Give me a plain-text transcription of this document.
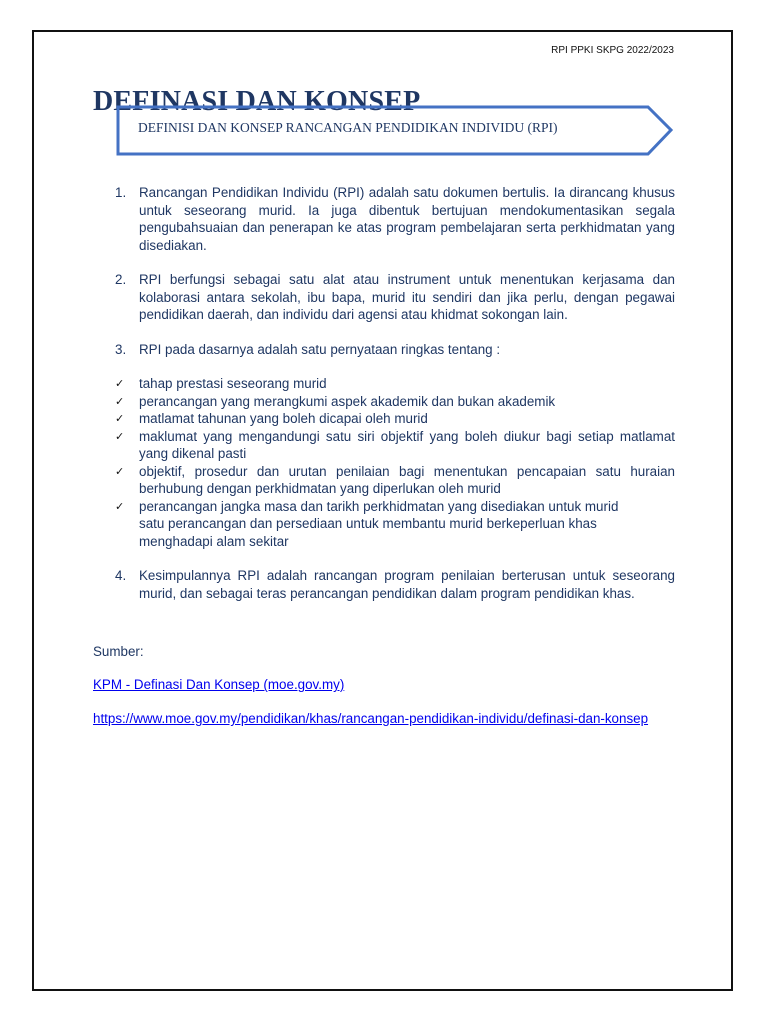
RPI PPKI SKPG 2022/2023
DEFINASI DAN KONSEP
DEFINISI DAN KONSEP RANCANGAN PENDIDIKAN INDIVIDU (RPI)
1. Rancangan Pendidikan Individu (RPI) adalah satu dokumen bertulis. Ia dirancang khusus untuk seseorang murid. Ia juga dibentuk bertujuan mendokumentasikan segala pengubahsuaian dan penerapan ke atas program pembelajaran serta perkhidmatan yang disediakan.
2. RPI berfungsi sebagai satu alat atau instrument untuk menentukan kerjasama dan kolaborasi antara sekolah, ibu bapa, murid itu sendiri dan jika perlu, dengan pegawai pendidikan daerah, dan individu dari agensi atau khidmat sokongan lain.
3. RPI pada dasarnya adalah satu pernyataan ringkas tentang :
✓ tahap prestasi seseorang murid
✓ perancangan yang merangkumi aspek akademik dan bukan akademik
✓ matlamat tahunan yang boleh dicapai oleh murid
✓ maklumat yang mengandungi satu siri objektif yang boleh diukur bagi setiap matlamat yang dikenal pasti
✓ objektif, prosedur dan urutan penilaian bagi menentukan pencapaian satu huraian berhubung dengan perkhidmatan yang diperlukan oleh murid
✓ perancangan jangka masa dan tarikh perkhidmatan yang disediakan untuk murid
satu perancangan dan persediaan untuk membantu murid berkeperluan khas
menghadapi alam sekitar
4. Kesimpulannya RPI adalah rancangan program penilaian berterusan untuk seseorang murid, dan sebagai teras perancangan pendidikan dalam program pendidikan khas.
Sumber:
KPM - Definasi Dan Konsep (moe.gov.my)
https://www.moe.gov.my/pendidikan/khas/rancangan-pendidikan-individu/definasi-dan-konsep
